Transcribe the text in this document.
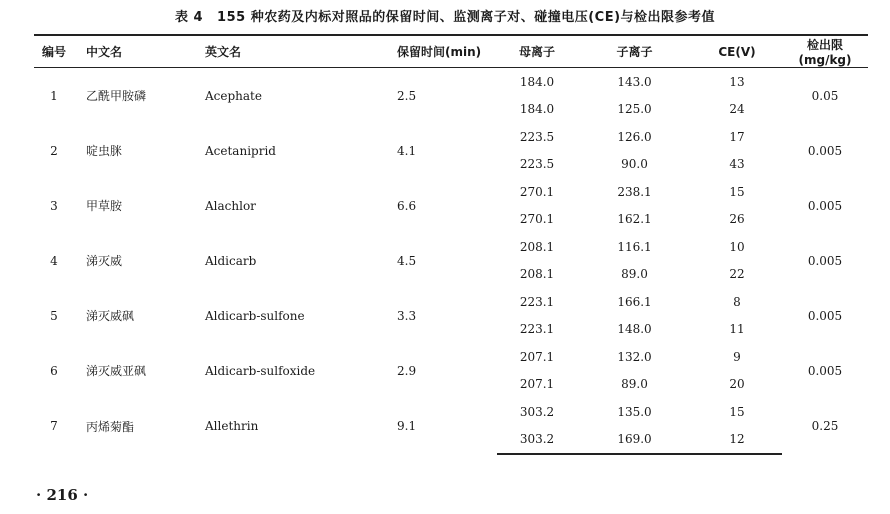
表 4 155 种农药及内标对照品的保留时间、监测离子对、碰撞电压(CE)与检出限参考值
编号	中文名	英文名	保留时间(min)	母离子	子离子	CE(V)	检出限(mg/kg)
1	乙酰甲胺磷	Acephate	2.5	184.0	143.0	13	0.05
				184.0	125.0	24	
2	啶虫脒	Acetaniprid	4.1	223.5	126.0	17	0.005
				223.5	90.0	43	
3	甲草胺	Alachlor	6.6	270.1	238.1	15	0.005
				270.1	162.1	26	
4	涕灭威	Aldicarb	4.5	208.1	116.1	10	0.005
				208.1	89.0	22	
5	涕灭威砜	Aldicarb-sulfone	3.3	223.1	166.1	8	0.005
				223.1	148.0	11	
6	涕灭威亚砜	Aldicarb-sulfoxide	2.9	207.1	132.0	9	0.005
				207.1	89.0	20	
7	丙烯菊酯	Allethrin	9.1	303.2	135.0	15	0.25
				303.2	169.0	12	
· 216 ·
